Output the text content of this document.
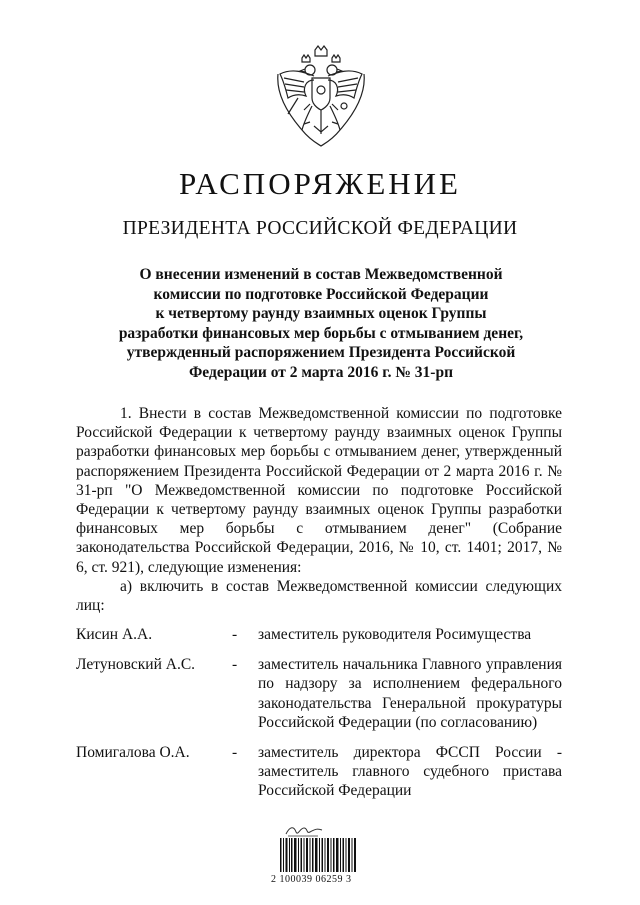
РАСПОРЯЖЕНИЕ
ПРЕЗИДЕНТА РОССИЙСКОЙ ФЕДЕРАЦИИ
О внесении изменений в состав Межведомственной
комиссии по подготовке Российской Федерации
к четвертому раунду взаимных оценок Группы
разработки финансовых мер борьбы с отмыванием денег,
утвержденный распоряжением Президента Российской
Федерации от 2 марта 2016 г. № 31-рп

1. Внести в состав Межведомственной комиссии по подготовке Российской Федерации к четвертому раунду взаимных оценок Группы разработки финансовых мер борьбы с отмыванием денег, утвержденный распоряжением Президента Российской Федерации от 2 марта 2016 г. № 31-рп "О Межведомственной комиссии по подготовке Российской Федерации к четвертому раунду взаимных оценок Группы разработки финансовых мер борьбы с отмыванием денег" (Собрание законодательства Российской Федерации, 2016, № 10, ст. 1401; 2017, № 6, ст. 921), следующие изменения:

а) включить в состав Межведомственной комиссии следующих лиц:

Кисин А.А.	-	заместитель руководителя Росимущества
Летуновский А.С.	-	заместитель начальника Главного управления по надзору за исполнением федерального законодательства Генеральной прокуратуры Российской Федерации (по согласованию)
Помигалова О.А.	-	заместитель директора ФССП России - заместитель главного судебного пристава Российской Федерации
2 100039 06259 3
